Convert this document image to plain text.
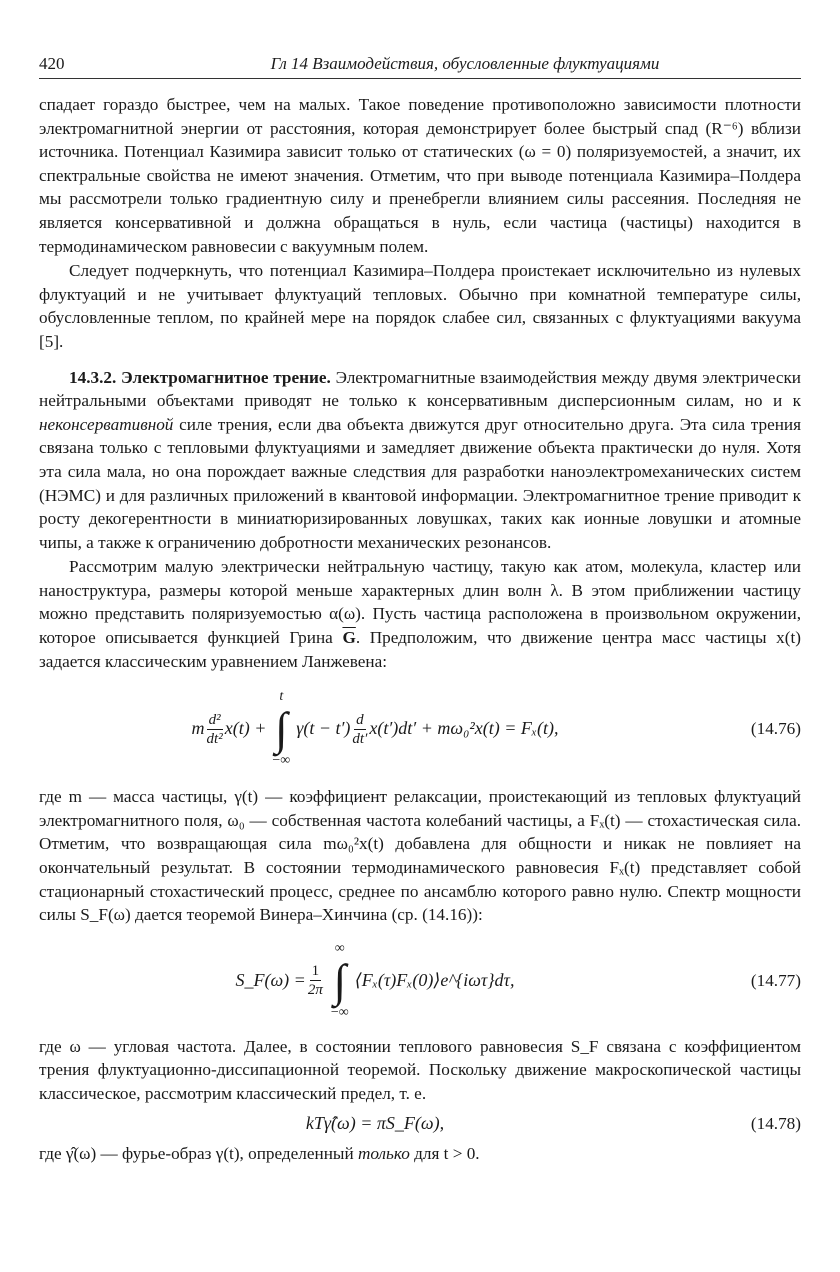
420	Гл 14 Взаимодействия, обусловленные флуктуациями

спадает гораздо быстрее, чем на малых. Такое поведение противоположно зависимости плотности электромагнитной энергии от расстояния, которая демонстрирует более быстрый спад (R⁻⁶) вблизи источника. Потенциал Казимира зависит только от статических (ω = 0) поляризуемостей, а значит, их спектральные свойства не имеют значения. Отметим, что при выводе потенциала Казимира–Полдера мы рассмотрели только градиентную силу и пренебрегли влиянием силы рассеяния. Последняя не является консервативной и должна обращаться в нуль, если частица (частицы) находится в термодинамическом равновесии с вакуумным полем.

Следует подчеркнуть, что потенциал Казимира–Полдера проистекает исключительно из нулевых флуктуаций и не учитывает флуктуаций тепловых. Обычно при комнатной температуре силы, обусловленные теплом, по крайней мере на порядок слабее сил, связанных с флуктуациями вакуума [5].

14.3.2. Электромагнитное трение. Электромагнитные взаимодействия между двумя электрически нейтральными объектами приводят не только к консервативным дисперсионным силам, но и к неконсервативной силе трения, если два объекта движутся друг относительно друга. Эта сила трения связана только с тепловыми флуктуациями и замедляет движение объекта практически до нуля. Хотя эта сила мала, но она порождает важные следствия для разработки наноэлектромеханических систем (НЭМС) и для различных приложений в квантовой информации. Электромагнитное трение приводит к росту декогерентности в миниатюризированных ловушках, таких как ионные ловушки и атомные чипы, а также к ограничению добротности механических резонансов.

Рассмотрим малую электрически нейтральную частицу, такую как атом, молекула, кластер или наноструктура, размеры которой меньше характерных длин волн λ. В этом приближении частицу можно представить поляризуемостью α(ω). Пусть частица расположена в произвольном окружении, которое описывается функцией Грина $\overline{G}$. Предположим, что движение центра масс частицы x(t) задается классическим уравнением Ланжевена:

m $\frac{\text{d²}}{\text{dt²}} x(t)$ +
t
∫
−∞
$\gamma(t - t') \frac{d}{dt'} x(t')dt' + m\omega_0^2x(t) = F_x(t)$,	(14.76)

где m — масса частицы, γ(t) — коэффициент релаксации, проистекающий из тепловых флуктуаций электромагнитного поля, ω₀ — собственная частота колебаний частицы, а Fₓ(t) — стохастическая сила. Отметим, что возвращающая сила mω₀²x(t) добавлена для общности и никак не повлияет на окончательный результат. В состоянии термодинамического равновесия Fₓ(t) представляет собой стационарный стохастический процесс, среднее по ансамблю которого равно нулю. Спектр мощности силы S_F(ω) дается теоремой Винера–Хинчина (ср. (14.16)):

S_F(ω) = $\frac{1}{2\pi}$
∞
∫
−∞
⟨Fₓ(τ)Fₓ(0)⟩e^{iωτ}dτ,	(14.77)

где ω — угловая частота. Далее, в состоянии теплового равновесия S_F связана с коэффициентом трения флуктуационно-диссипационной теоремой. Поскольку движение макроскопической частицы классическое, рассмотрим классический предел, т. е.

kTγ̂(ω) = πS_F(ω),	(14.78)

где γ̂(ω) — фурье-образ γ(t), определенный только для t > 0.
